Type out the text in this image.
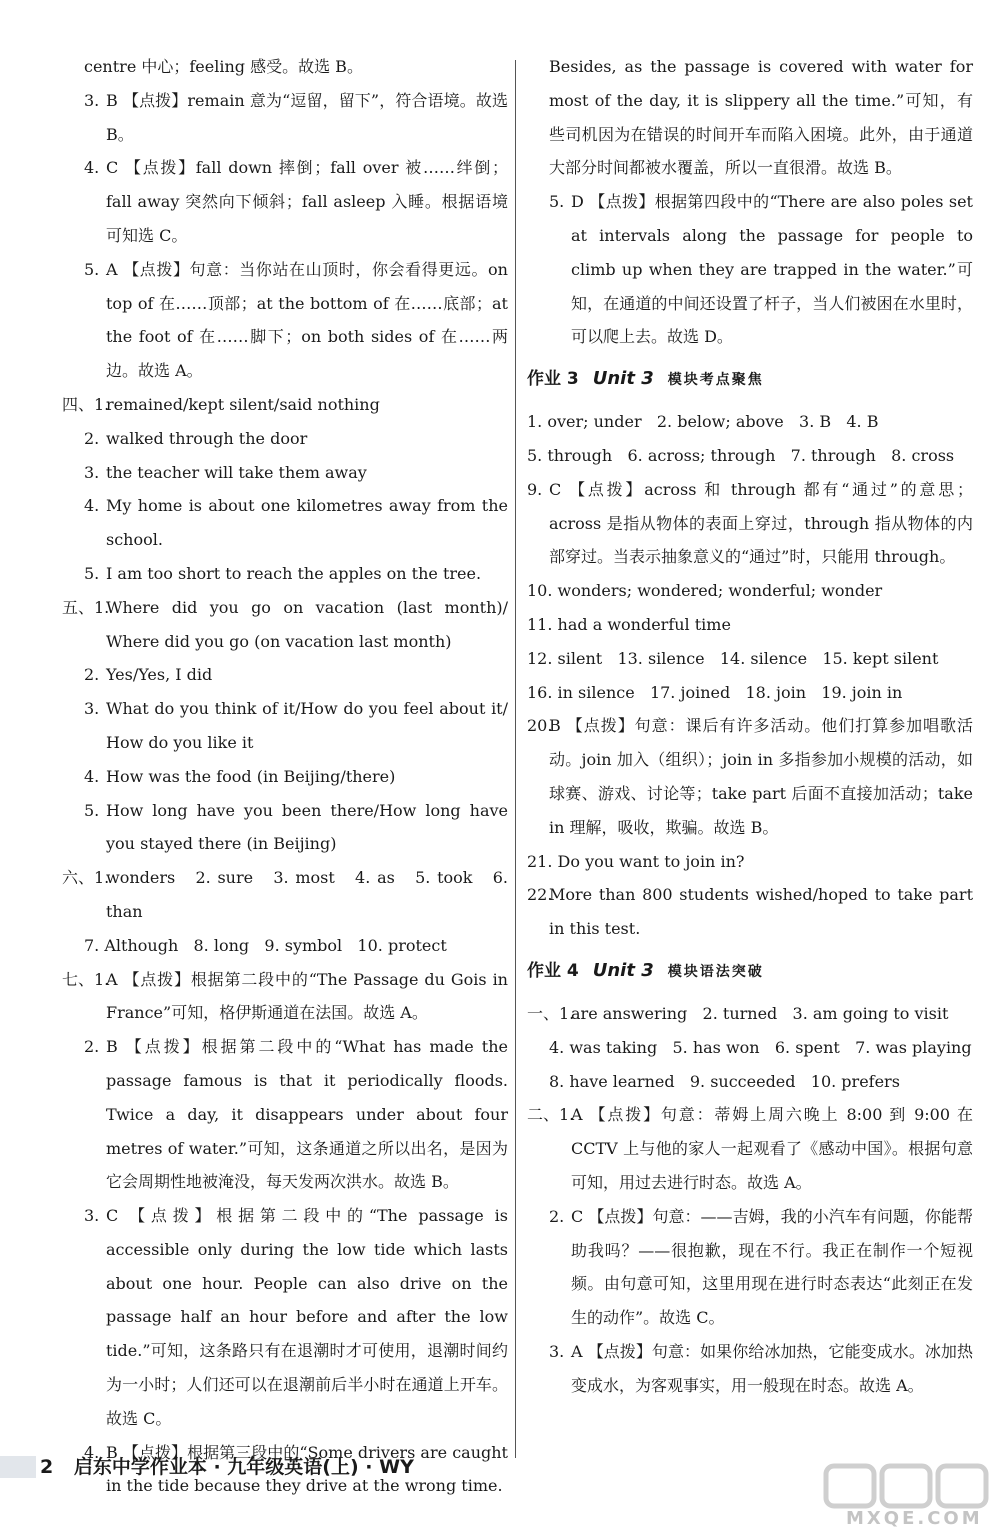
centre 中心；feeling 感受。故选 B。
3. B 【点拨】remain 意为“逗留，留下”，符合语境。故选 B。
4. C 【点拨】fall down 摔倒；fall over 被……绊倒；fall away 突然向下倾斜；fall asleep 入睡。根据语境可知选 C。
5. A 【点拨】句意：当你站在山顶时，你会看得更远。on top of 在……顶部；at the bottom of 在……底部；at the foot of 在……脚下；on both sides of 在……两边。故选 A。
四、1.
remained/kept silent/said nothing
2. walked through the door
3. the teacher will take them away
4. My home is about one kilometres away from the school.
5. I am too short to reach the apples on the tree.
五、1.
Where did you go on vacation (last month)/ Where did you go (on vacation last month)
2. Yes/Yes, I did
3. What do you think of it/How do you feel about it/ How do you like it
4. How was the food (in Beijing/there)
5. How long have you been there/How long have you stayed there (in Beijing)
六、1.
wonders   2. sure   3. most   4. as   5. took   6. than
7. Although   8. long   9. symbol   10. protect
七、1.
A 【点拨】根据第二段中的“The Passage du Gois in France”可知，格伊斯通道在法国。故选 A。
2. B 【点拨】根据第二段中的“What has made the passage famous is that it periodically floods. Twice a day, it disappears under about four metres of water.”可知，这条通道之所以出名，是因为它会周期性地被淹没，每天发两次洪水。故选 B。
3. C 【点拨】根据第二段中的“The passage is accessible only during the low tide which lasts about one hour. People can also drive on the passage half an hour before and after the low tide.”可知，这条路只有在退潮时才可使用，退潮时间约为一小时；人们还可以在退潮前后半小时在通道上开车。故选 C。
4. B 【点拨】根据第三段中的“Some drivers are caught in the tide because they drive at the wrong time.
Besides, as the passage is covered with water for most of the day, it is slippery all the time.”可知，有些司机因为在错误的时间开车而陷入困境。此外，由于通道大部分时间都被水覆盖，所以一直很滑。故选 B。
5. D 【点拨】根据第四段中的“There are also poles set at intervals along the passage for people to climb up when they are trapped in the water.”可知，在通道的中间还设置了杆子，当人们被困在水里时，可以爬上去。故选 D。
作业 3 Unit 3 模块考点聚焦
1. over; under   2. below; above   3. B   4. B
5. through   6. across; through   7. through   8. cross
9. C 【点拨】across 和 through 都有“通过”的意思；across 是指从物体的表面上穿过，through 指从物体的内部穿过。当表示抽象意义的“通过”时，只能用 through。
10. wonders; wondered; wonderful; wonder
11. had a wonderful time
12. silent   13. silence   14. silence   15. kept silent
16. in silence   17. joined   18. join   19. join in
20.
B 【点拨】句意：课后有许多活动。他们打算参加唱歌活动。join 加入（组织）；join in 多指参加小规模的活动，如球赛、游戏、讨论等；take part 后面不直接加活动；take in 理解，吸收，欺骗。故选 B。
21. Do you want to join in?
22.
More than 800 students wished/hoped to take part in this test.
作业 4 Unit 3 模块语法突破
一、1.
are answering   2. turned   3. am going to visit
4. was taking   5. has won   6. spent   7. was playing
8. have learned   9. succeeded   10. prefers
二、1.
A 【点拨】句意：蒂姆上周六晚上 8:00 到 9:00 在 CCTV 上与他的家人一起观看了《感动中国》。根据句意可知，用过去进行时态。故选 A。
2. C 【点拨】句意：——吉姆，我的小汽车有问题，你能帮助我吗？——很抱歉，现在不行。我正在制作一个短视频。由句意可知，这里用现在进行时态表达“此刻正在发生的动作”。故选 C。
3. A 【点拨】句意：如果你给冰加热，它能变成水。冰加热变成水，为客观事实，用一般现在时态。故选 A。
2 启东中学作业本 · 九年级英语(上) · WY
MXQE.COM
